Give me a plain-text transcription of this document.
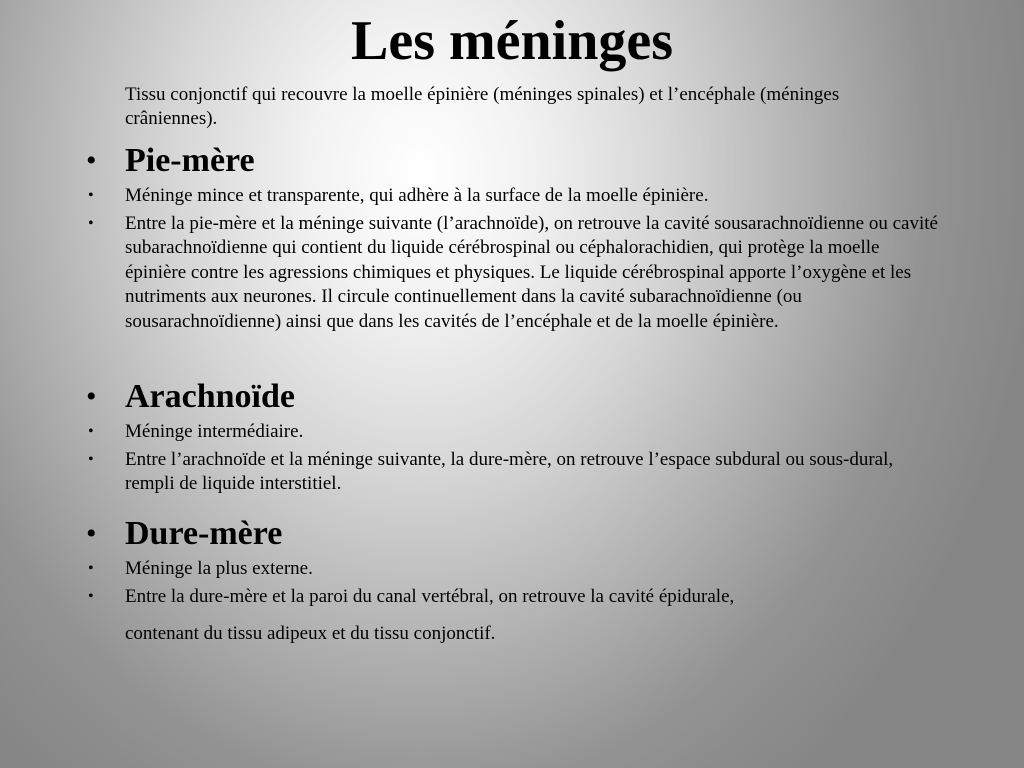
Les méninges

Tissu conjonctif qui recouvre la moelle épinière (méninges spinales) et l’encéphale (méninges crâniennes).

• Pie-mère
• Méninge mince et transparente, qui adhère à la surface de la moelle épinière.
• Entre la pie-mère et la méninge suivante (l’arachnoïde), on retrouve la cavité sousarachnoïdienne ou cavité subarachnoïdienne qui contient du liquide cérébrospinal ou céphalorachidien, qui protège la moelle épinière contre les agressions chimiques et physiques. Le liquide cérébrospinal apporte l’oxygène et les nutriments aux neurones. Il circule continuellement dans la cavité subarachnoïdienne (ou sousarachnoïdienne) ainsi que dans les cavités de l’encéphale et de la moelle épinière.
• Arachnoïde
• Méninge intermédiaire.
• Entre l’arachnoïde et la méninge suivante, la dure-mère, on retrouve l’espace subdural ou sous-dural, rempli de liquide interstitiel.
• Dure-mère
• Méninge la plus externe.
• Entre la dure-mère et la paroi du canal vertébral, on retrouve la cavité épidurale,
contenant du tissu adipeux et du tissu conjonctif.
